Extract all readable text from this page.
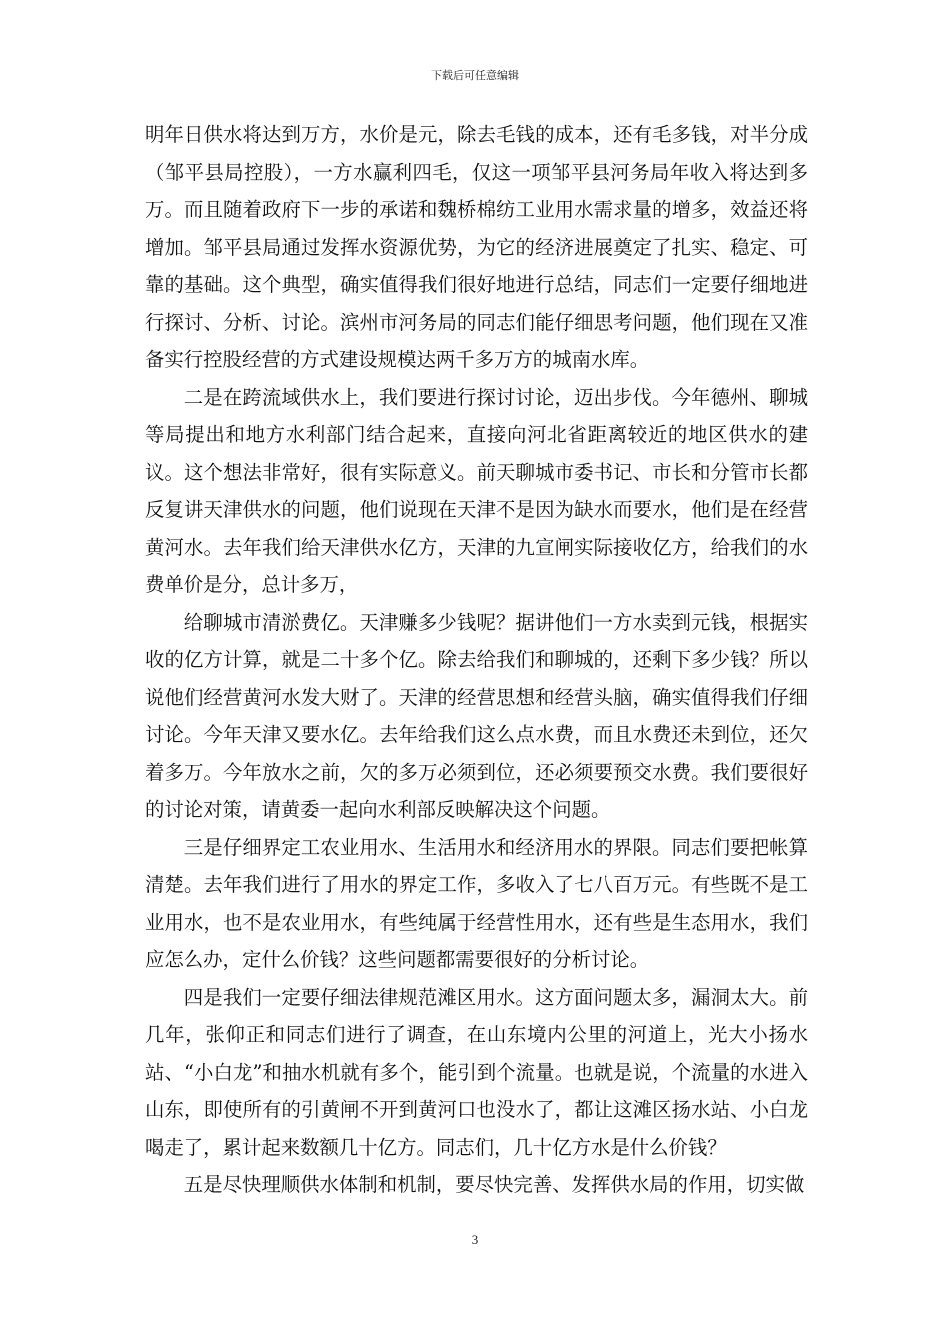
下载后可任意编辑

明年日供水将达到万方，水价是元，除去毛钱的成本，还有毛多钱，对半分成（邹平县局控股），一方水赢利四毛，仅这一项邹平县河务局年收入将达到多万。而且随着政府下一步的承诺和魏桥棉纺工业用水需求量的增多，效益还将增加。邹平县局通过发挥水资源优势，为它的经济进展奠定了扎实、稳定、可靠的基础。这个典型，确实值得我们很好地进行总结，同志们一定要仔细地进行探讨、分析、讨论。滨州市河务局的同志们能仔细思考问题，他们现在又准备实行控股经营的方式建设规模达两千多万方的城南水库。

二是在跨流域供水上，我们要进行探讨讨论，迈出步伐。今年德州、聊城等局提出和地方水利部门结合起来，直接向河北省距离较近的地区供水的建议。这个想法非常好，很有实际意义。前天聊城市委书记、市长和分管市长都反复讲天津供水的问题，他们说现在天津不是因为缺水而要水，他们是在经营黄河水。去年我们给天津供水亿方，天津的九宣闸实际接收亿方，给我们的水费单价是分，总计多万，

给聊城市清淤费亿。天津赚多少钱呢？据讲他们一方水卖到元钱，根据实收的亿方计算，就是二十多个亿。除去给我们和聊城的，还剩下多少钱？所以说他们经营黄河水发大财了。天津的经营思想和经营头脑，确实值得我们仔细讨论。今年天津又要水亿。去年给我们这么点水费，而且水费还未到位，还欠着多万。今年放水之前，欠的多万必须到位，还必须要预交水费。我们要很好的讨论对策，请黄委一起向水利部反映解决这个问题。

三是仔细界定工农业用水、生活用水和经济用水的界限。同志们要把帐算清楚。去年我们进行了用水的界定工作，多收入了七八百万元。有些既不是工业用水，也不是农业用水，有些纯属于经营性用水，还有些是生态用水，我们应怎么办，定什么价钱？这些问题都需要很好的分析讨论。

四是我们一定要仔细法律规范滩区用水。这方面问题太多，漏洞太大。前几年，张仰正和同志们进行了调查，在山东境内公里的河道上，光大小扬水站、“小白龙”和抽水机就有多个，能引到个流量。也就是说，个流量的水进入山东，即使所有的引黄闸不开到黄河口也没水了，都让这滩区扬水站、小白龙喝走了，累计起来数额几十亿方。同志们，几十亿方水是什么价钱？

五是尽快理顺供水体制和机制，要尽快完善、发挥供水局的作用，切实做

3
